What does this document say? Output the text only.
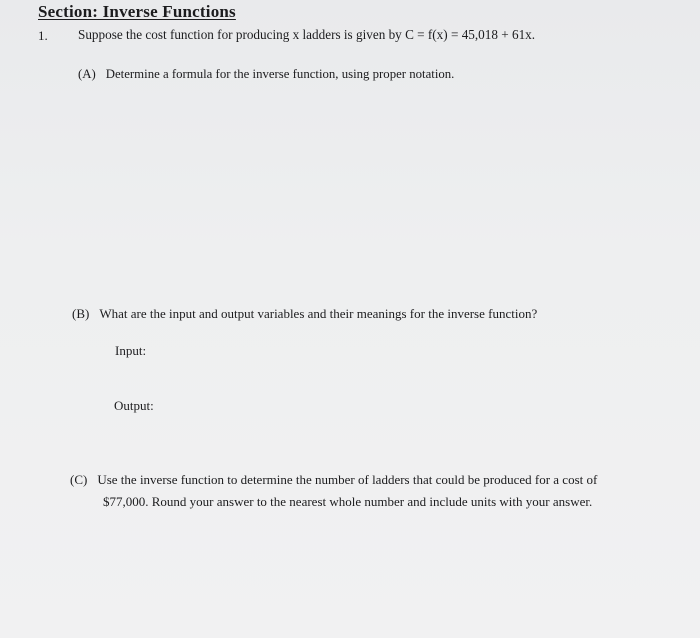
Section: Inverse Functions
1. Suppose the cost function for producing x ladders is given by C = f(x) = 45,018 + 61x.
(A) Determine a formula for the inverse function, using proper notation.
(B) What are the input and output variables and their meanings for the inverse function?
Input:
Output:
(C) Use the inverse function to determine the number of ladders that could be produced for a cost of
$77,000. Round your answer to the nearest whole number and include units with your answer.
